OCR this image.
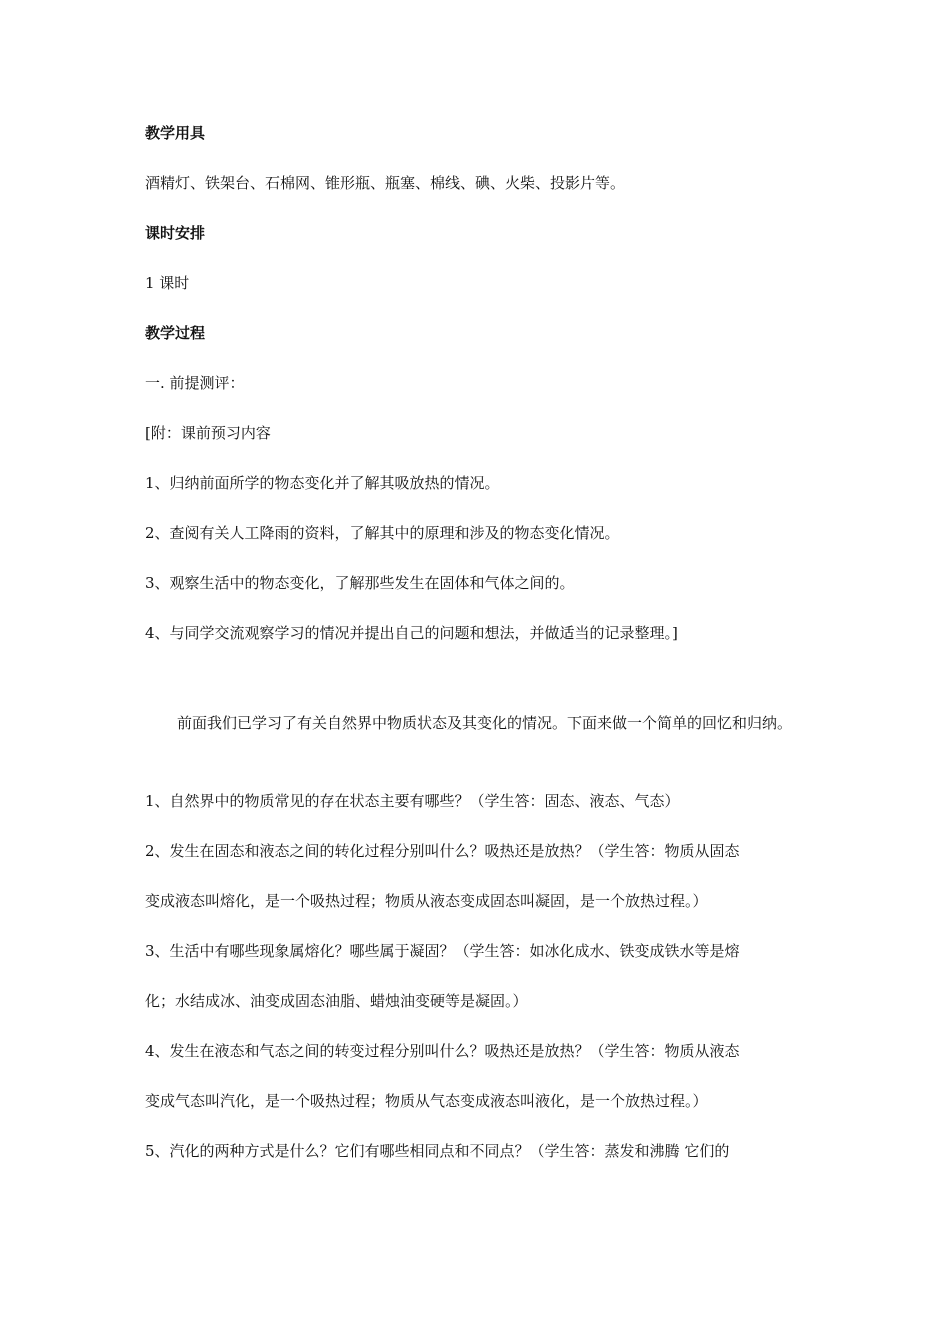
教学用具
酒精灯、铁架台、石棉网、锥形瓶、瓶塞、棉线、碘、火柴、投影片等。
课时安排
1 课时
教学过程
一. 前提测评：
[附：课前预习内容
1、归纳前面所学的物态变化并了解其吸放热的情况。
2、查阅有关人工降雨的资料，了解其中的原理和涉及的物态变化情况。
3、观察生活中的物态变化，了解那些发生在固体和气体之间的。
4、与同学交流观察学习的情况并提出自己的问题和想法，并做适当的记录整理。]
前面我们已学习了有关自然界中物质状态及其变化的情况。下面来做一个简单的回忆和归纳。
1、自然界中的物质常见的存在状态主要有哪些？（学生答：固态、液态、气态）
2、发生在固态和液态之间的转化过程分别叫什么？吸热还是放热？（学生答：物质从固态
变成液态叫熔化，是一个吸热过程；物质从液态变成固态叫凝固，是一个放热过程。）
3、生活中有哪些现象属熔化？哪些属于凝固？（学生答：如冰化成水、铁变成铁水等是熔
化；水结成冰、油变成固态油脂、蜡烛油变硬等是凝固。）
4、发生在液态和气态之间的转变过程分别叫什么？吸热还是放热？（学生答：物质从液态
变成气态叫汽化，是一个吸热过程；物质从气态变成液态叫液化，是一个放热过程。）
5、汽化的两种方式是什么？它们有哪些相同点和不同点？（学生答：蒸发和沸腾 它们的
